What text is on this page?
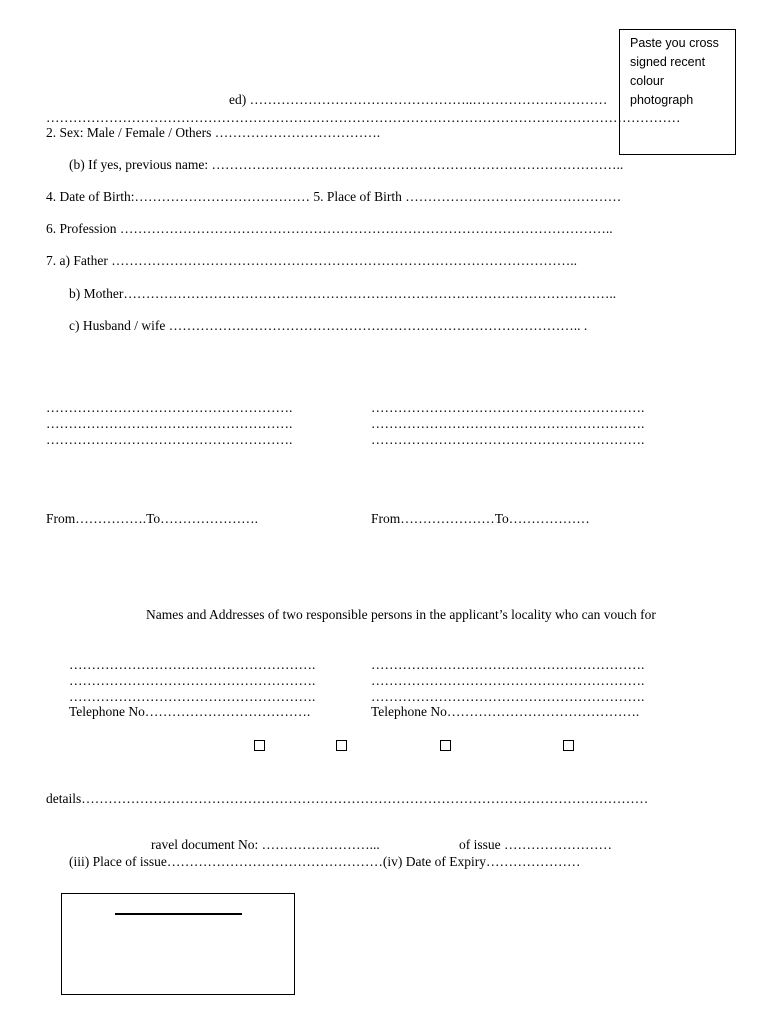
Paste you cross signed recent colour photograph
ed) …………………………………………..…………………………
……………………………………………………………………………………………………………………………
2. Sex: Male / Female / Others ……………………………….
(b) If yes, previous name: ………………………………………………………………………………..
4. Date of Birth:………………………………… 5. Place of Birth …………………………………………
6. Profession ………………………………………………………………………………………………..
7. a) Father …………………………………………………………………………………………..
b) Mother………………………………………………………………………………………………..
c) Husband / wife ……………………………………………………………………………….. .
……………………………………………….
……………………………………………….
……………………………………………….
…………………………………………………….
…………………………………………………….
…………………………………………………….
From…………….To………………….	From…………………To………………
Names and Addresses of two responsible persons in the applicant’s locality who can vouch for
……………………………………………….
……………………………………………….
……………………………………………….
Telephone No……………………………….
…………………………………………………….
…………………………………………………….
…………………………………………………….
Telephone No…………………………………….
details………………………………………………………………………………………………………………
ravel document No: ……………………...	of issue ……………………
(iii) Place of issue…………………………………………(iv) Date of Expiry…………………
